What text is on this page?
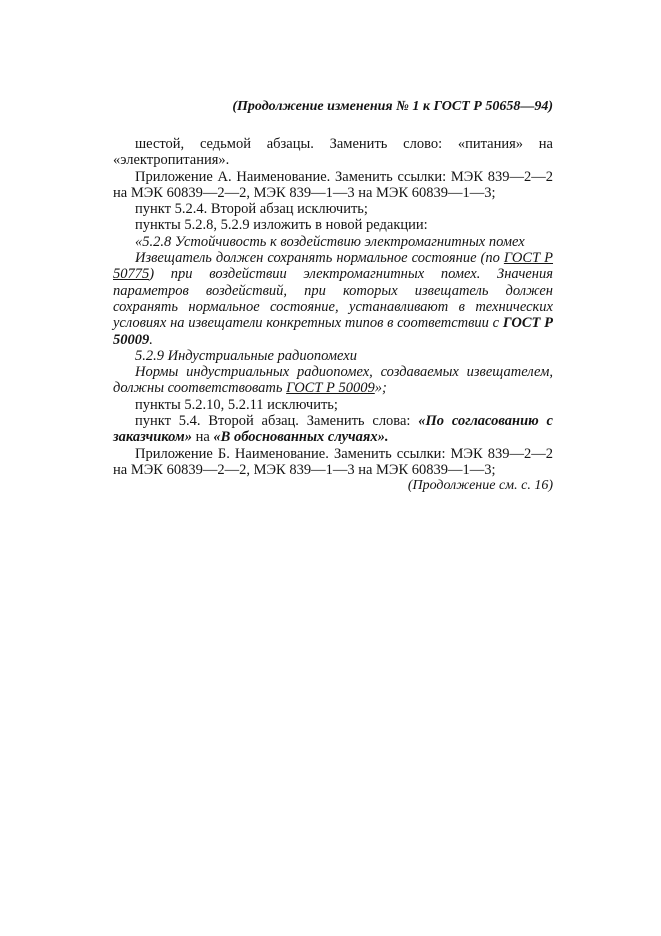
(Продолжение изменения № 1 к ГОСТ Р 50658—94)

шестой, седьмой абзацы. Заменить слово: «питания» на «электропитания».

Приложение А. Наименование. Заменить ссылки: МЭК 839—2—2 на МЭК 60839—2—2, МЭК 839—1—3 на МЭК 60839—1—3;

пункт 5.2.4. Второй абзац исключить;

пункты 5.2.8, 5.2.9 изложить в новой редакции:

«5.2.8 Устойчивость к воздействию электромагнитных помех

Извещатель должен сохранять нормальное состояние (по ГОСТ Р 50775) при воздействии электромагнитных помех. Значения параметров воздействий, при которых извещатель должен сохранять нормальное состояние, устанавливают в технических условиях на извещатели конкретных типов в соответствии с ГОСТ Р 50009.

5.2.9 Индустриальные радиопомехи

Нормы индустриальных радиопомех, создаваемых извещателем, должны соответствовать ГОСТ Р 50009»;

пункты 5.2.10, 5.2.11 исключить;

пункт 5.4. Второй абзац. Заменить слова: «По согласованию с заказчиком» на «В обоснованных случаях».

Приложение Б. Наименование. Заменить ссылки: МЭК 839—2—2 на МЭК 60839—2—2, МЭК 839—1—3 на МЭК 60839—1—3;

(Продолжение см. с. 16)
